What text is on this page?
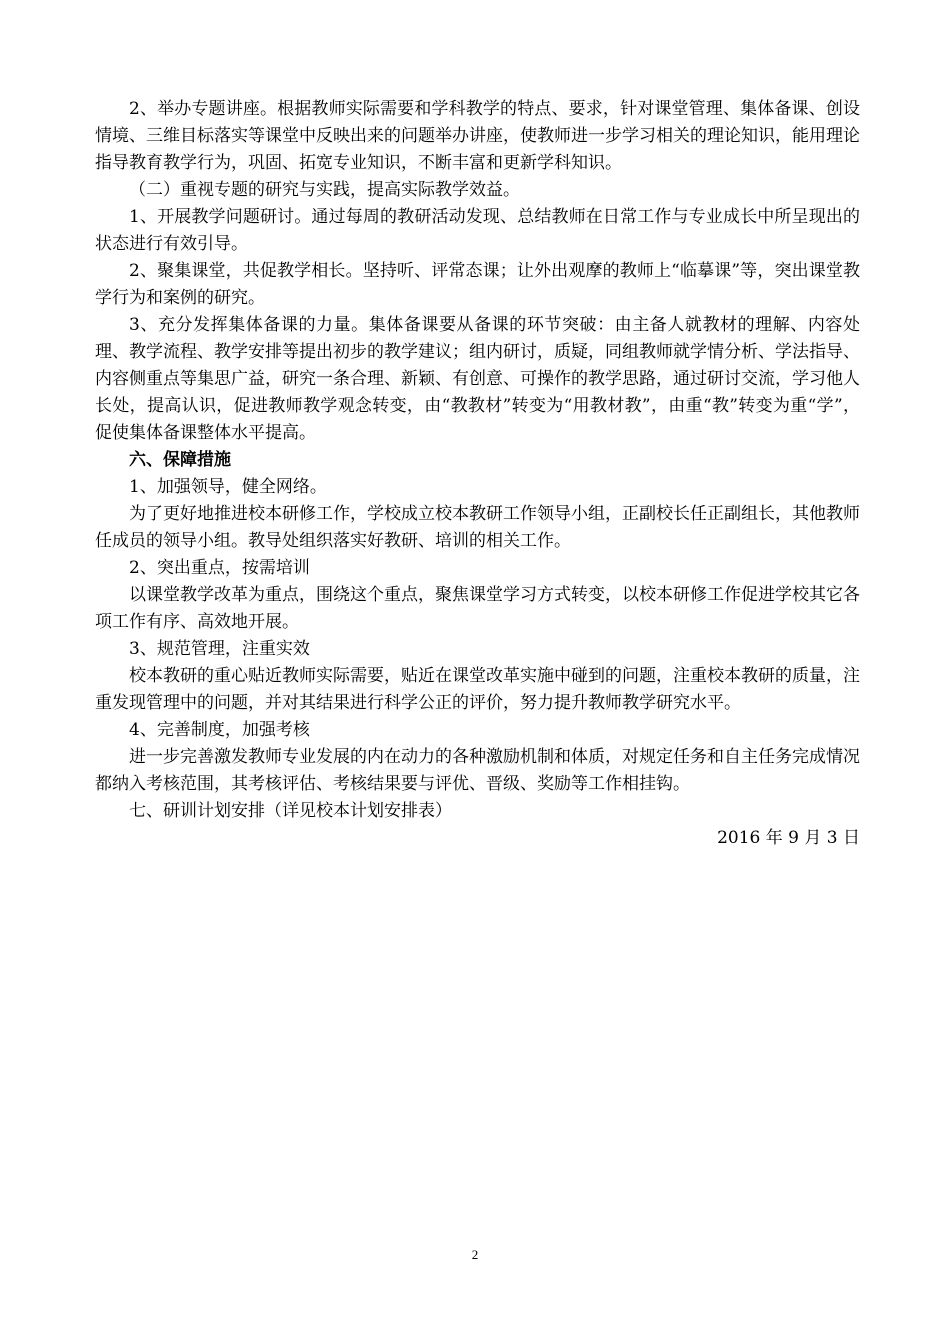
2、举办专题讲座。根据教师实际需要和学科教学的特点、要求，针对课堂管理、集体备课、创设情境、三维目标落实等课堂中反映出来的问题举办讲座，使教师进一步学习相关的理论知识，能用理论指导教育教学行为，巩固、拓宽专业知识，不断丰富和更新学科知识。

（二）重视专题的研究与实践，提高实际教学效益。

1、开展教学问题研讨。通过每周的教研活动发现、总结教师在日常工作与专业成长中所呈现出的状态进行有效引导。

2、聚集课堂，共促教学相长。坚持听、评常态课；让外出观摩的教师上“临摹课”等，突出课堂教学行为和案例的研究。

3、充分发挥集体备课的力量。集体备课要从备课的环节突破：由主备人就教材的理解、内容处理、教学流程、教学安排等提出初步的教学建议；组内研讨，质疑，同组教师就学情分析、学法指导、内容侧重点等集思广益，研究一条合理、新颖、有创意、可操作的教学思路，通过研讨交流，学习他人长处，提高认识，促进教师教学观念转变，由“教教材”转变为“用教材教”，由重“教”转变为重“学”，促使集体备课整体水平提高。

六、保障措施

1、加强领导，健全网络。

为了更好地推进校本研修工作，学校成立校本教研工作领导小组，正副校长任正副组长，其他教师任成员的领导小组。教导处组织落实好教研、培训的相关工作。

2、突出重点，按需培训

以课堂教学改革为重点，围绕这个重点，聚焦课堂学习方式转变，以校本研修工作促进学校其它各项工作有序、高效地开展。

3、规范管理，注重实效

校本教研的重心贴近教师实际需要，贴近在课堂改革实施中碰到的问题，注重校本教研的质量，注重发现管理中的问题，并对其结果进行科学公正的评价，努力提升教师教学研究水平。

4、完善制度，加强考核

进一步完善激发教师专业发展的内在动力的各种激励机制和体质，对规定任务和自主任务完成情况都纳入考核范围，其考核评估、考核结果要与评优、晋级、奖励等工作相挂钩。

七、研训计划安排（详见校本计划安排表）

2016 年 9 月 3 日

2
